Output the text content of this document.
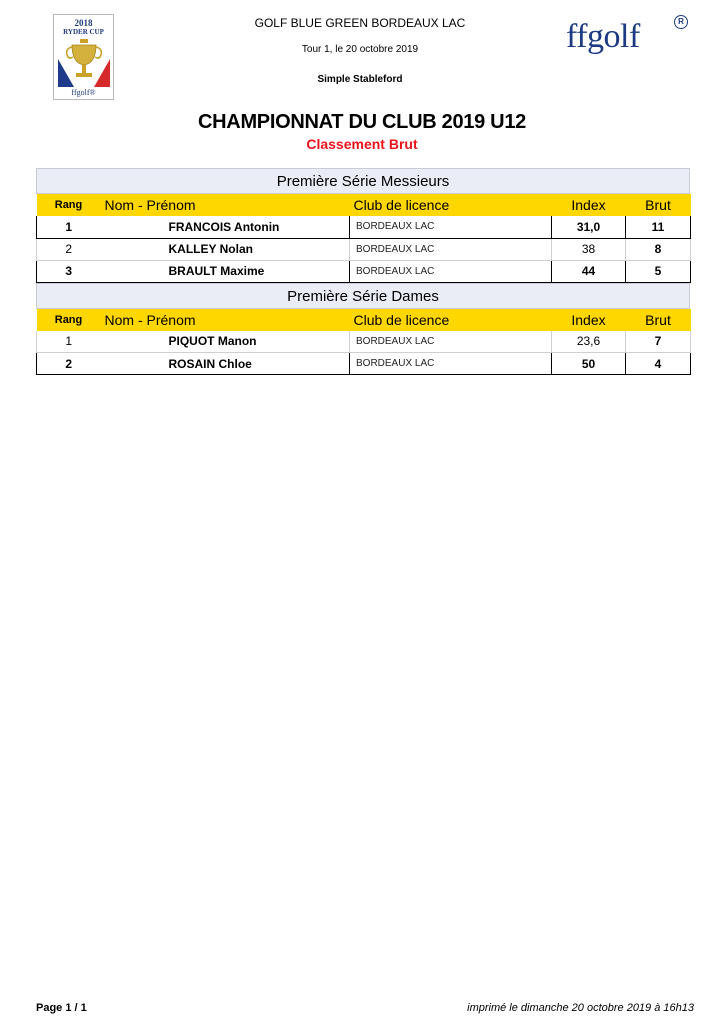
2018
RYDER CUP
ffgolf®
GOLF BLUE GREEN BORDEAUX LAC
Tour 1, le 20 octobre 2019
Simple Stableford
ffgolf	R
CHAMPIONNAT DU CLUB 2019 U12
Classement Brut
Première Série Messieurs
Rang	Nom - Prénom	Club de licence	Index	Brut
1	FRANCOIS Antonin	BORDEAUX LAC	31,0	11
2	KALLEY Nolan	BORDEAUX LAC	38	8
3	BRAULT Maxime	BORDEAUX LAC	44	5
Première Série Dames
Rang	Nom - Prénom	Club de licence	Index	Brut
1	PIQUOT Manon	BORDEAUX LAC	23,6	7
2	ROSAIN Chloe	BORDEAUX LAC	50	4
Page 1 / 1	imprimé le dimanche 20 octobre 2019 à 16h13
